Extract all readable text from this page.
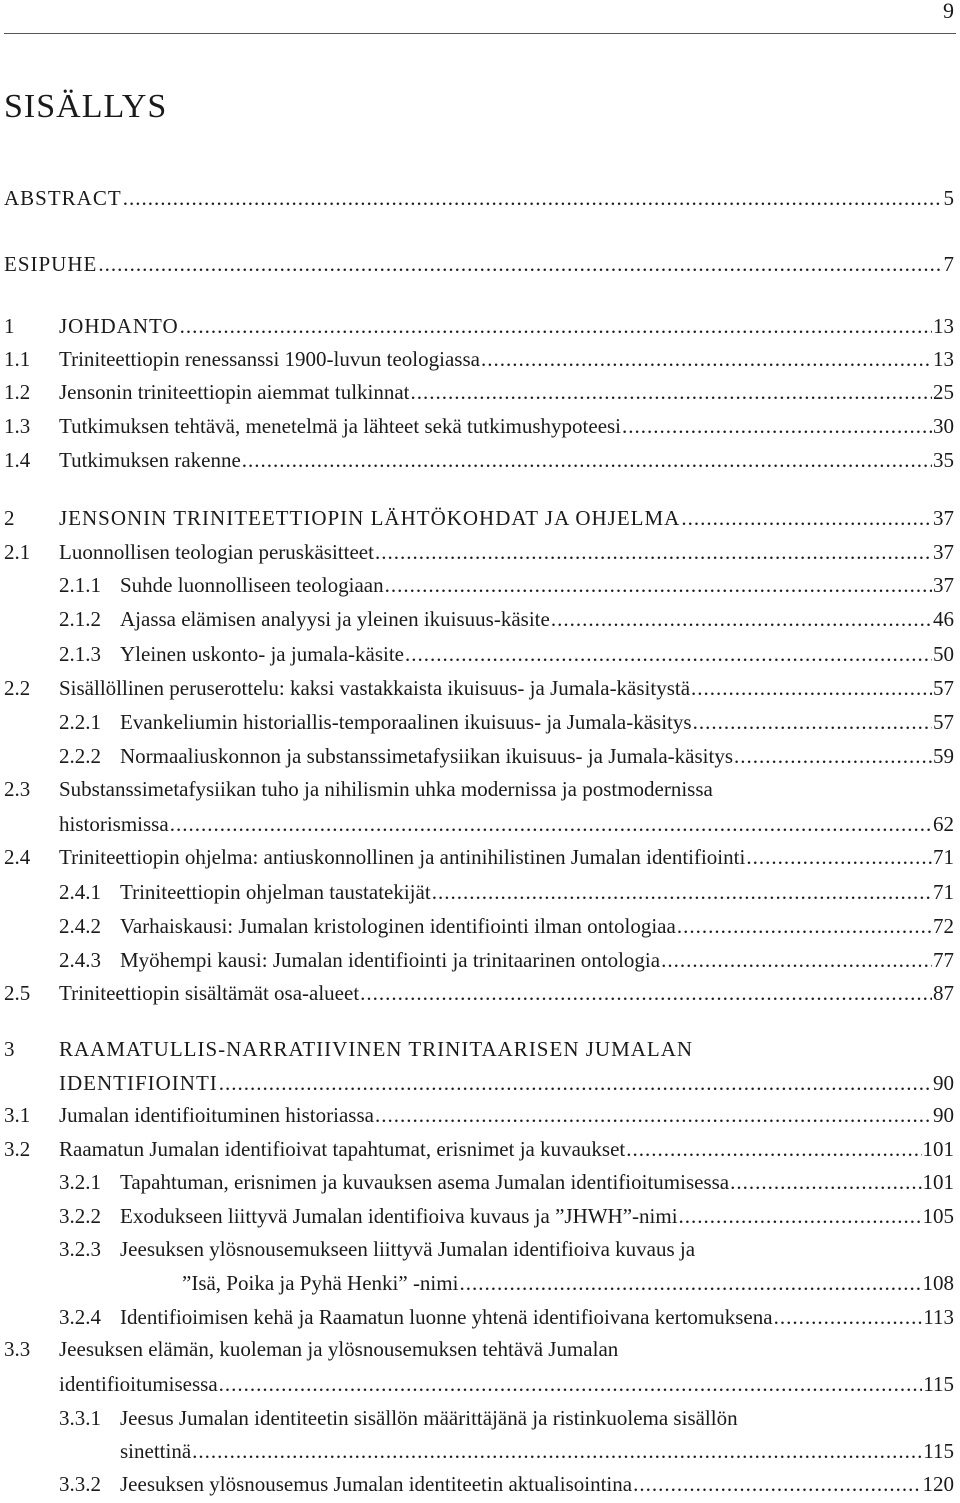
9
SISÄLLYS
ABSTRACT .....	5
ESIPUHE .....	7
1 JOHDANTO .....	13
1.1 Triniteettiopin renessanssi 1900-luvun teologiassa .....	13
1.2 Jensonin triniteettiopin aiemmat tulkinnat .....	25
1.3 Tutkimuksen tehtävä, menetelmä ja lähteet sekä tutkimushypoteesi .....	30
1.4 Tutkimuksen rakenne .....	35
2 JENSONIN TRINITEETTIOPIN LÄHTÖKOHDAT JA OHJELMA .....	37
2.1 Luonnollisen teologian peruskäsitteet .....	37
2.1.1 Suhde luonnolliseen teologiaan .....	37
2.1.2 Ajassa elämisen analyysi ja yleinen ikuisuus-käsite .....	46
2.1.3 Yleinen uskonto- ja jumala-käsite .....	50
2.2 Sisällöllinen peruserottelu: kaksi vastakkaista ikuisuus- ja Jumala-käsitystä .....	57
2.2.1 Evankeliumin historiallis-temporaalinen ikuisuus- ja Jumala-käsitys .....	57
2.2.2 Normaaliuskonnon ja substanssimetafysiikan ikuisuus- ja Jumala-käsitys .....	59
2.3 Substanssimetafysiikan tuho ja nihilismin uhka modernissa ja postmodernissa
historismissa .....	62
2.4 Triniteettiopin ohjelma: antiuskonnollinen ja antinihilistinen Jumalan identifiointi .....	71
2.4.1 Triniteettiopin ohjelman taustatekijät .....	71
2.4.2 Varhaiskausi: Jumalan kristologinen identifiointi ilman ontologiaa .....	72
2.4.3 Myöhempi kausi: Jumalan identifiointi ja trinitaarinen ontologia .....	77
2.5 Triniteettiopin sisältämät osa-alueet .....	87
3 RAAMATULLIS-NARRATIIVINEN TRINITAARISEN JUMALAN
IDENTIFIOINTI .....	90
3.1 Jumalan identifioituminen historiassa .....	90
3.2 Raamatun Jumalan identifioivat tapahtumat, erisnimet ja kuvaukset .....	101
3.2.1 Tapahtuman, erisnimen ja kuvauksen asema Jumalan identifioitumisessa .....	101
3.2.2 Exodukseen liittyvä Jumalan identifioiva kuvaus ja ”JHWH”-nimi .....	105
3.2.3 Jeesuksen ylösnousemukseen liittyvä Jumalan identifioiva kuvaus ja
”Isä, Poika ja Pyhä Henki” -nimi .....	108
3.2.4 Identifioimisen kehä ja Raamatun luonne yhtenä identifioivana kertomuksena .....	113
3.3 Jeesuksen elämän, kuoleman ja ylösnousemuksen tehtävä Jumalan
identifioitumisessa .....	115
3.3.1 Jeesus Jumalan identiteetin sisällön määrittäjänä ja ristinkuolema sisällön
sinettinä .....	115
3.3.2 Jeesuksen ylösnousemus Jumalan identiteetin aktualisointina .....	120
